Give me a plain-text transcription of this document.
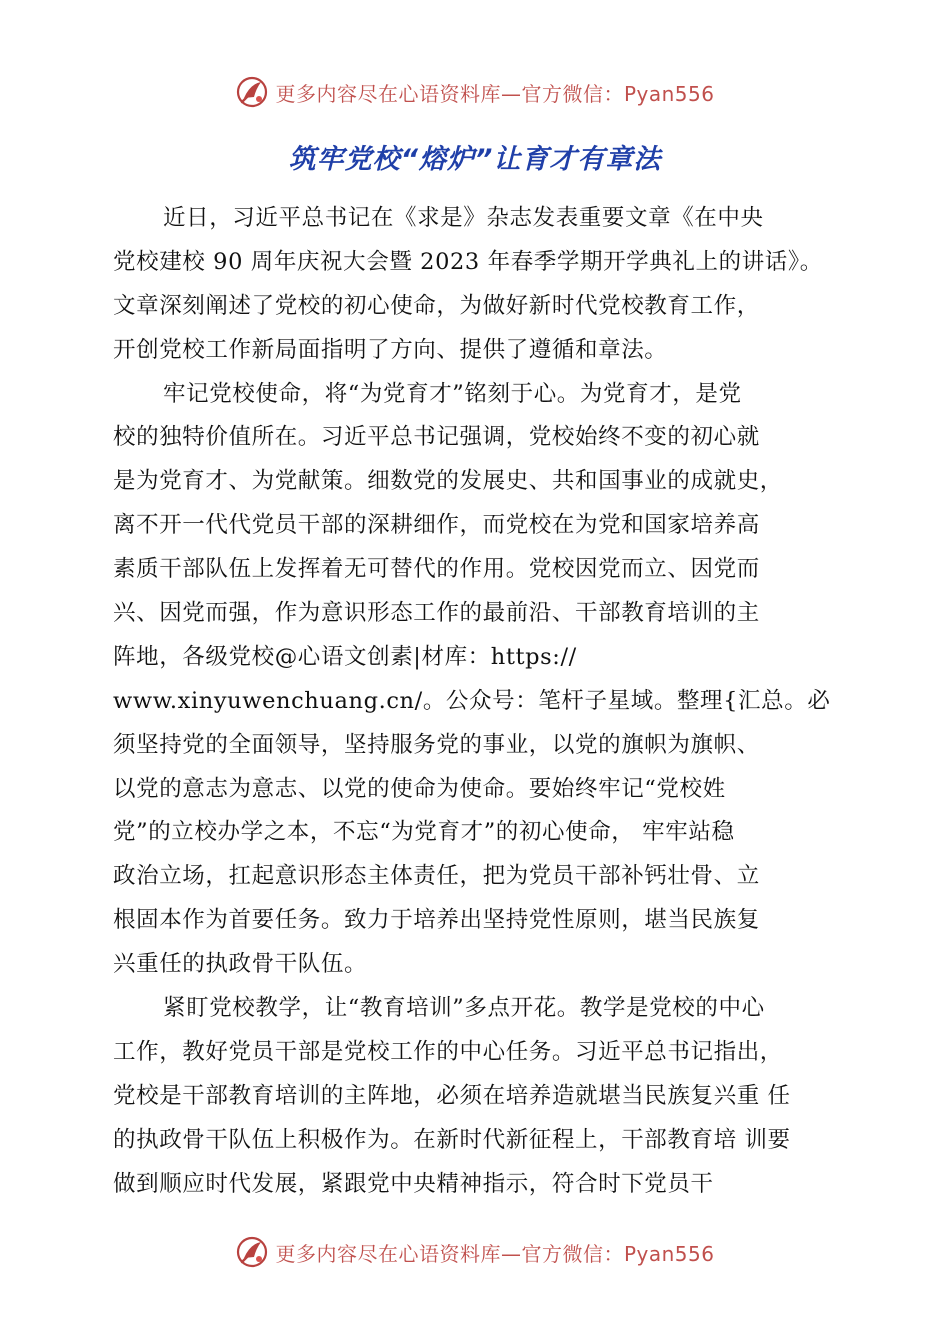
更多内容尽在心语资料库—官方微信：Pyan556
筑牢党校“熔炉”让育才有章法
近日，习近平总书记在《求是》杂志发表重要文章《在中央
党校建校 90 周年庆祝大会暨 2023 年春季学期开学典礼上的讲话》。
文章深刻阐述了党校的初心使命，为做好新时代党校教育工作，
开创党校工作新局面指明了方向、提供了遵循和章法。
牢记党校使命，将“为党育才”铭刻于心。为党育才，是党
校的独特价值所在。习近平总书记强调，党校始终不变的初心就
是为党育才、为党献策。细数党的发展史、共和国事业的成就史，
离不开一代代党员干部的深耕细作，而党校在为党和国家培养高
素质干部队伍上发挥着无可替代的作用。党校因党而立、因党而
兴、因党而强，作为意识形态工作的最前沿、干部教育培训的主
阵地，各级党校@心语文创素|材库：https://
www.xinyuwenchuang.cn/。公众号：笔杆子星域。整理{汇总。必
须坚持党的全面领导，坚持服务党的事业，以党的旗帜为旗帜、
以党的意志为意志、以党的使命为使命。要始终牢记“党校姓
党”的立校办学之本，不忘“为党育才”的初心使命， 牢牢站稳
政治立场，扛起意识形态主体责任，把为党员干部补钙壮骨、立
根固本作为首要任务。致力于培养出坚持党性原则，堪当民族复
兴重任的执政骨干队伍。
紧盯党校教学，让“教育培训”多点开花。教学是党校的中心
工作，教好党员干部是党校工作的中心任务。习近平总书记指出，
党校是干部教育培训的主阵地，必须在培养造就堪当民族复兴重 任
的执政骨干队伍上积极作为。在新时代新征程上，干部教育培 训要
做到顺应时代发展，紧跟党中央精神指示，符合时下党员干
更多内容尽在心语资料库—官方微信：Pyan556
